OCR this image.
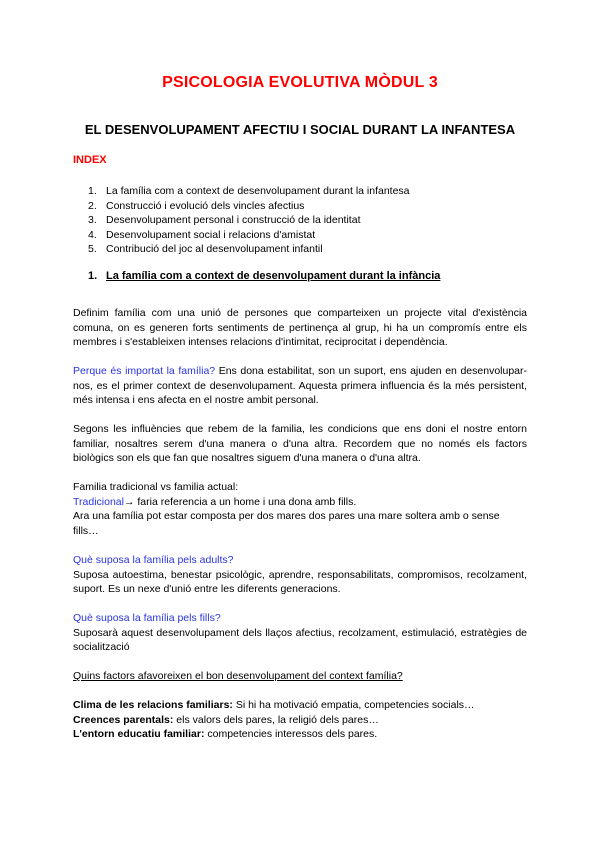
PSICOLOGIA EVOLUTIVA MÒDUL 3
EL DESENVOLUPAMENT AFECTIU I SOCIAL DURANT LA INFANTESA
INDEX
1. La família com a context de desenvolupament durant la infantesa
2. Construcció i evolució dels vincles afectius
3. Desenvolupament personal i construcció de la identitat
4. Desenvolupament social i relacions d'amistat
5. Contribució del joc al desenvolupament infantil
1. La família com a context de desenvolupament durant la infància
Definim família com una unió de persones que comparteixen un projecte vital d'existència comuna, on es generen forts sentiments de pertinença al grup, hi ha un compromís entre els membres i s'estableixen intenses relacions d'intimitat, reciprocitat i dependència.
Perque és importat la família? Ens dona estabilitat, son un suport, ens ajuden en desenvolupar-nos, es el primer context de desenvolupament. Aquesta primera influencia és la més persistent, més intensa i ens afecta en el nostre ambit personal.
Segons les influències que rebem de la familia, les condicions que ens doni el nostre entorn familiar, nosaltres serem d'una manera o d'una altra. Recordem que no només els factors biològics son els que fan que nosaltres siguem d'una manera o d'una altra.
Familia tradicional vs familia actual:
Tradicional→ faria referencia a un home i una dona amb fills.
Ara una família pot estar composta per dos mares dos pares una mare soltera amb o sense fills…
Què suposa la família pels adults?
Suposa autoestima, benestar psicològic, aprendre, responsabilitats, compromisos, recolzament, suport. Es un nexe d'unió entre les diferents generacions.
Què suposa la família pels fills?
Suposarà aquest desenvolupament dels llaços afectius, recolzament, estimulació, estratègies de socialització
Quins factors afavoreixen el bon desenvolupament del context família?
Clima de les relacions familiars: Si hi ha motivació empatia, competencies socials…
Creences parentals: els valors dels pares, la religió dels pares…
L'entorn educatiu familiar: competencies interessos dels pares.
